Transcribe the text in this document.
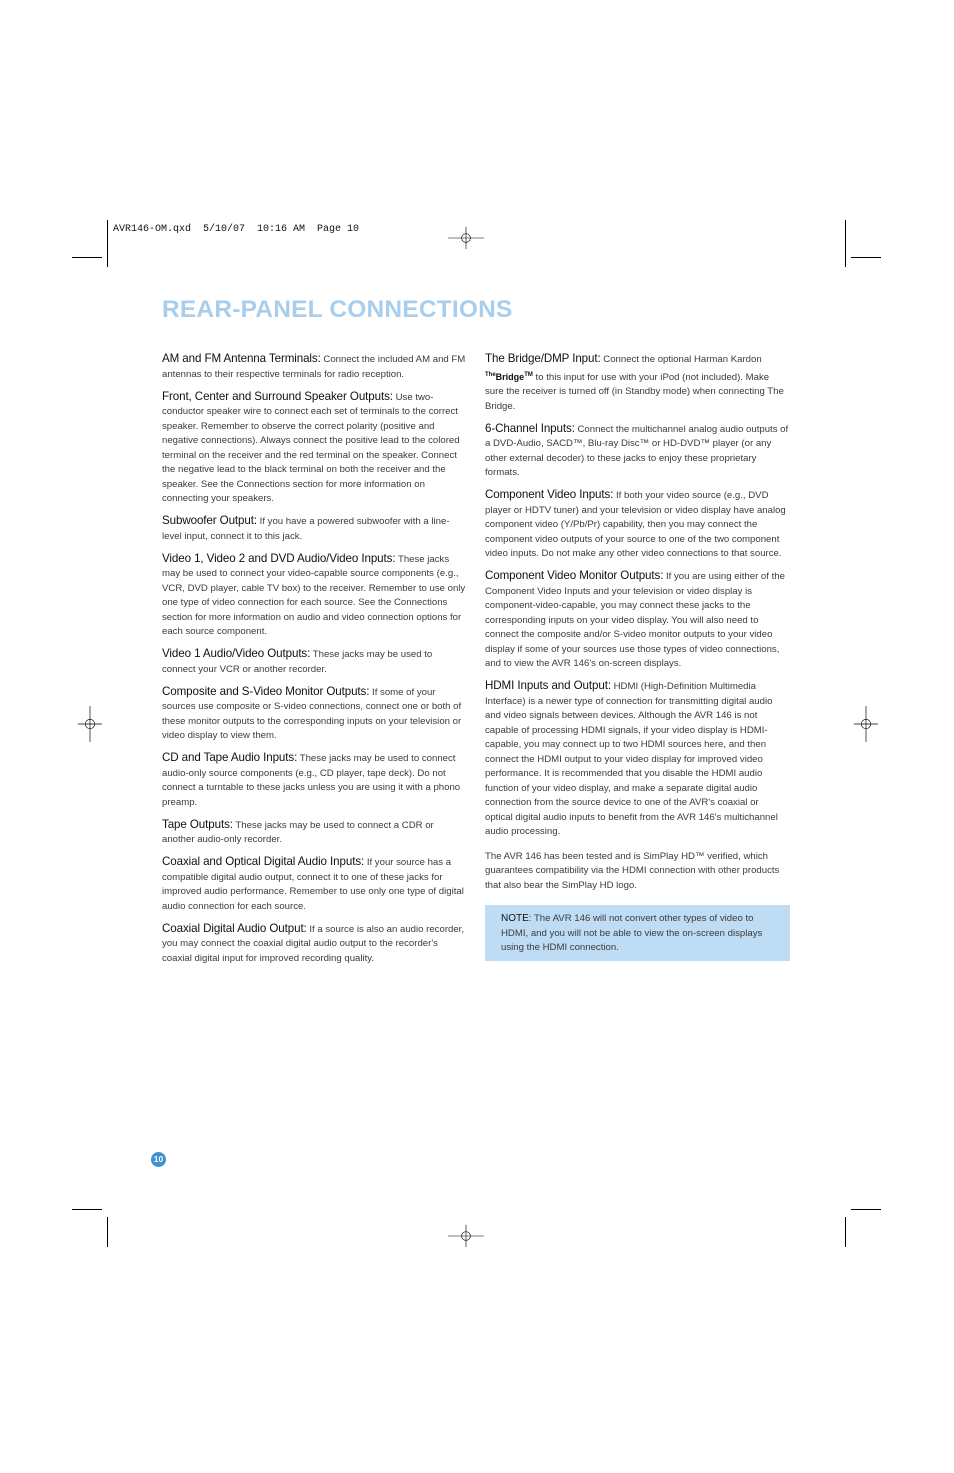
AVR146-OM.qxd  5/10/07  10:16 AM  Page 10
REAR-PANEL CONNECTIONS

AM and FM Antenna Terminals: Connect the included AM and FM antennas to their respective terminals for radio reception.

Front, Center and Surround Speaker Outputs: Use two-conductor speaker wire to connect each set of terminals to the correct speaker. Remember to observe the correct polarity (positive and negative connections). Always connect the positive lead to the colored terminal on the receiver and the red terminal on the speaker. Connect the negative lead to the black terminal on both the receiver and the speaker. See the Connections section for more information on connecting your speakers.

Subwoofer Output: If you have a powered subwoofer with a line-level input, connect it to this jack.

Video 1, Video 2 and DVD Audio/Video Inputs: These jacks may be used to connect your video-capable source components (e.g., VCR, DVD player, cable TV box) to the receiver. Remember to use only one type of video connection for each source. See the Connections section for more information on audio and video connection options for each source component.

Video 1 Audio/Video Outputs: These jacks may be used to connect your VCR or another recorder.

Composite and S-Video Monitor Outputs: If some of your sources use composite or S-video connections, connect one or both of these monitor outputs to the corresponding inputs on your television or video display to view them.

CD and Tape Audio Inputs: These jacks may be used to connect audio-only source components (e.g., CD player, tape deck). Do not connect a turntable to these jacks unless you are using it with a phono preamp.

Tape Outputs: These jacks may be used to connect a CDR or another audio-only recorder.

Coaxial and Optical Digital Audio Inputs: If your source has a compatible digital audio output, connect it to one of these jacks for improved audio performance. Remember to use only one type of digital audio connection for each source.

Coaxial Digital Audio Output: If a source is also an audio recorder, you may connect the coaxial digital audio output to the recorder's coaxial digital input for improved recording quality.

The Bridge/DMP Input: Connect the optional Harman Kardon
$^{The}$Bridge™ to this input for use with your iPod (not included). Make sure the receiver is turned off (in Standby mode) when connecting The Bridge.

6-Channel Inputs: Connect the multichannel analog audio outputs of a DVD-Audio, SACD™, Blu-ray Disc™ or HD-DVD™ player (or any other external decoder) to these jacks to enjoy these proprietary formats.

Component Video Inputs: If both your video source (e.g., DVD player or HDTV tuner) and your television or video display have analog component video (Y/Pb/Pr) capability, then you may connect the component video outputs of your source to one of the two component video inputs. Do not make any other video connections to that source.

Component Video Monitor Outputs: If you are using either of the Component Video Inputs and your television or video display is component-video-capable, you may connect these jacks to the corresponding inputs on your video display. You will also need to connect the composite and/or S-video monitor outputs to your video display if some of your sources use those types of video connections, and to view the AVR 146's on-screen displays.

HDMI Inputs and Output: HDMI (High-Definition Multimedia Interface) is a newer type of connection for transmitting digital audio and video signals between devices. Although the AVR 146 is not capable of processing HDMI signals, if your video display is HDMI-capable, you may connect up to two HDMI sources here, and then connect the HDMI output to your video display for improved video performance. It is recommended that you disable the HDMI audio function of your video display, and make a separate digital audio connection from the source device to one of the AVR's coaxial or optical digital audio inputs to benefit from the AVR 146's multichannel audio processing.

The AVR 146 has been tested and is SimPlay HD™ verified, which guarantees compatibility via the HDMI connection with other products that also bear the SimPlay HD logo.

NOTE: The AVR 146 will not convert other types of video to HDMI, and you will not be able to view the on-screen displays using the HDMI connection.
10
